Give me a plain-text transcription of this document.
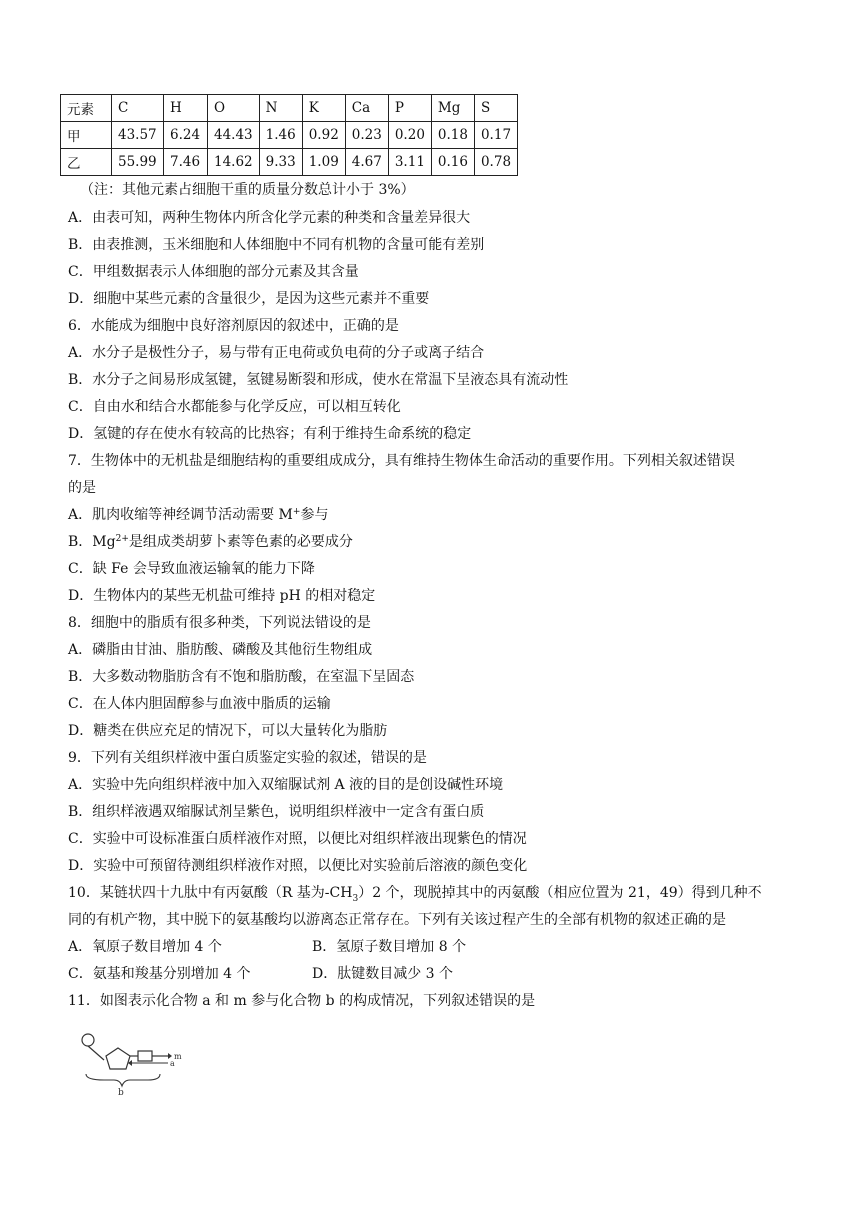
元素	C	H	O	N	K	Ca	P	Mg	S
甲	43.57	6.24	44.43	1.46	0.92	0.23	0.20	0.18	0.17
乙	55.99	7.46	14.62	9.33	1.09	4.67	3.11	0.16	0.78
（注：其他元素占细胞干重的质量分数总计小于 3%）
A．由表可知，两种生物体内所含化学元素的种类和含量差异很大
B．由表推测，玉米细胞和人体细胞中不同有机物的含量可能有差别
C．甲组数据表示人体细胞的部分元素及其含量
D．细胞中某些元素的含量很少，是因为这些元素并不重要
6．水能成为细胞中良好溶剂原因的叙述中，正确的是
A．水分子是极性分子，易与带有正电荷或负电荷的分子或离子结合
B．水分子之间易形成氢键，氢键易断裂和形成，使水在常温下呈液态具有流动性
C．自由水和结合水都能参与化学反应，可以相互转化
D．氢键的存在使水有较高的比热容；有利于维持生命系统的稳定
7．生物体中的无机盐是细胞结构的重要组成成分，具有维持生物体生命活动的重要作用。下列相关叙述错误
的是
A．肌肉收缩等神经调节活动需要 M+参与
B．$Mg^{2+}$是组成类胡萝卜素等色素的必要成分
C．缺 Fe 会导致血液运输氧的能力下降
D．生物体内的某些无机盐可维持 pH 的相对稳定
8．细胞中的脂质有很多种类，下列说法错设的是
A．磷脂由甘油、脂肪酸、磷酸及其他衍生物组成
B．大多数动物脂肪含有不饱和脂肪酸，在室温下呈固态
C．在人体内胆固醇参与血液中脂质的运输
D．糖类在供应充足的情况下，可以大量转化为脂肪
9．下列有关组织样液中蛋白质鉴定实验的叙述，错误的是
A．实验中先向组织样液中加入双缩脲试剂 A 液的目的是创设碱性环境
B．组织样液遇双缩脲试剂呈紫色，说明组织样液中一定含有蛋白质
C．实验中可设标准蛋白质样液作对照，以便比对组织样液出现紫色的情况
D．实验中可预留待测组织样液作对照，以便比对实验前后溶液的颜色变化
10．某链状四十九肽中有丙氨酸（R 基为$-CH_3)2$ 个，现脱掉其中的丙氨酸（相应位置为 21，49）得到几种不
同的有机产物，其中脱下的氨基酸均以游离态正常存在。下列有关该过程产生的全部有机物的叙述正确的是
A．氧原子数目增加 4 个	B．氢原子数目增加 8 个
C．氨基和羧基分别增加 4 个	D．肽键数目减少 3 个
11．如图表示化合物 a 和 m 参与化合物 b 的构成情况，下列叙述错误的是
m
a
b
